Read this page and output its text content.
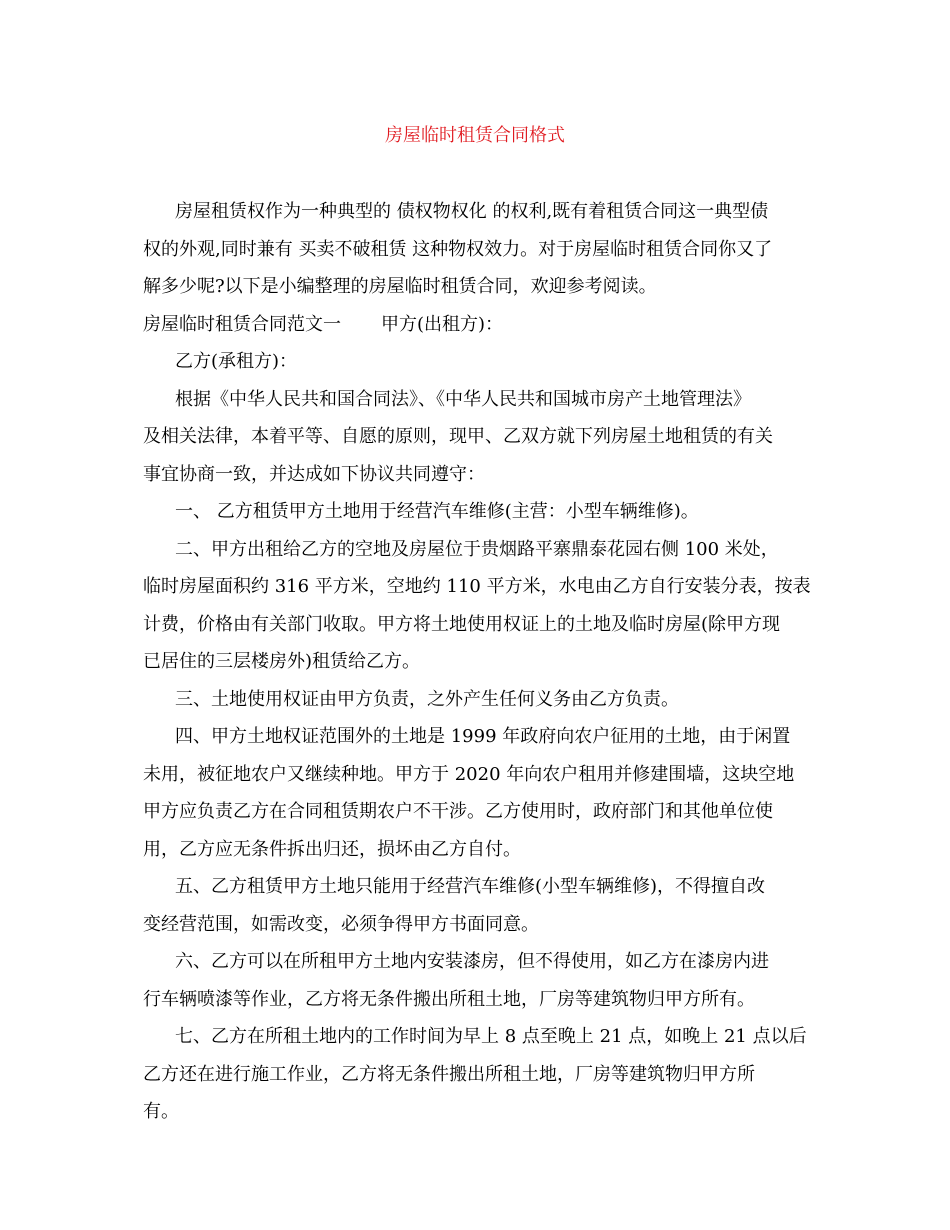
房屋临时租赁合同格式
房屋租赁权作为一种典型的 债权物权化 的权利,既有着租赁合同这一典型债
权的外观,同时兼有 买卖不破租赁 这种物权效力。对于房屋临时租赁合同你又了
解多少呢?以下是小编整理的房屋临时租赁合同，欢迎参考阅读。
房屋临时租赁合同范文一 甲方(出租方)：
乙方(承租方)：
根据《中华人民共和国合同法》、《中华人民共和国城市房产土地管理法》
及相关法律，本着平等、自愿的原则，现甲、乙双方就下列房屋土地租赁的有关
事宜协商一致，并达成如下协议共同遵守：
一、 乙方租赁甲方土地用于经营汽车维修(主营：小型车辆维修)。
二、甲方出租给乙方的空地及房屋位于贵烟路平寨鼎泰花园右侧 100 米处，
临时房屋面积约 316 平方米，空地约 110 平方米，水电由乙方自行安装分表，按表
计费，价格由有关部门收取。甲方将土地使用权证上的土地及临时房屋(除甲方现
已居住的三层楼房外)租赁给乙方。
三、土地使用权证由甲方负责，之外产生任何义务由乙方负责。
四、甲方土地权证范围外的土地是 1999 年政府向农户征用的土地，由于闲置
未用，被征地农户又继续种地。甲方于 2020 年向农户租用并修建围墙，这块空地
甲方应负责乙方在合同租赁期农户不干涉。乙方使用时，政府部门和其他单位使
用，乙方应无条件拆出归还，损坏由乙方自付。
五、乙方租赁甲方土地只能用于经营汽车维修(小型车辆维修)，不得擅自改
变经营范围，如需改变，必须争得甲方书面同意。
六、乙方可以在所租甲方土地内安装漆房，但不得使用，如乙方在漆房内进
行车辆喷漆等作业，乙方将无条件搬出所租土地，厂房等建筑物归甲方所有。
七、乙方在所租土地内的工作时间为早上 8 点至晚上 21 点，如晚上 21 点以后
乙方还在进行施工作业，乙方将无条件搬出所租土地，厂房等建筑物归甲方所
有。
